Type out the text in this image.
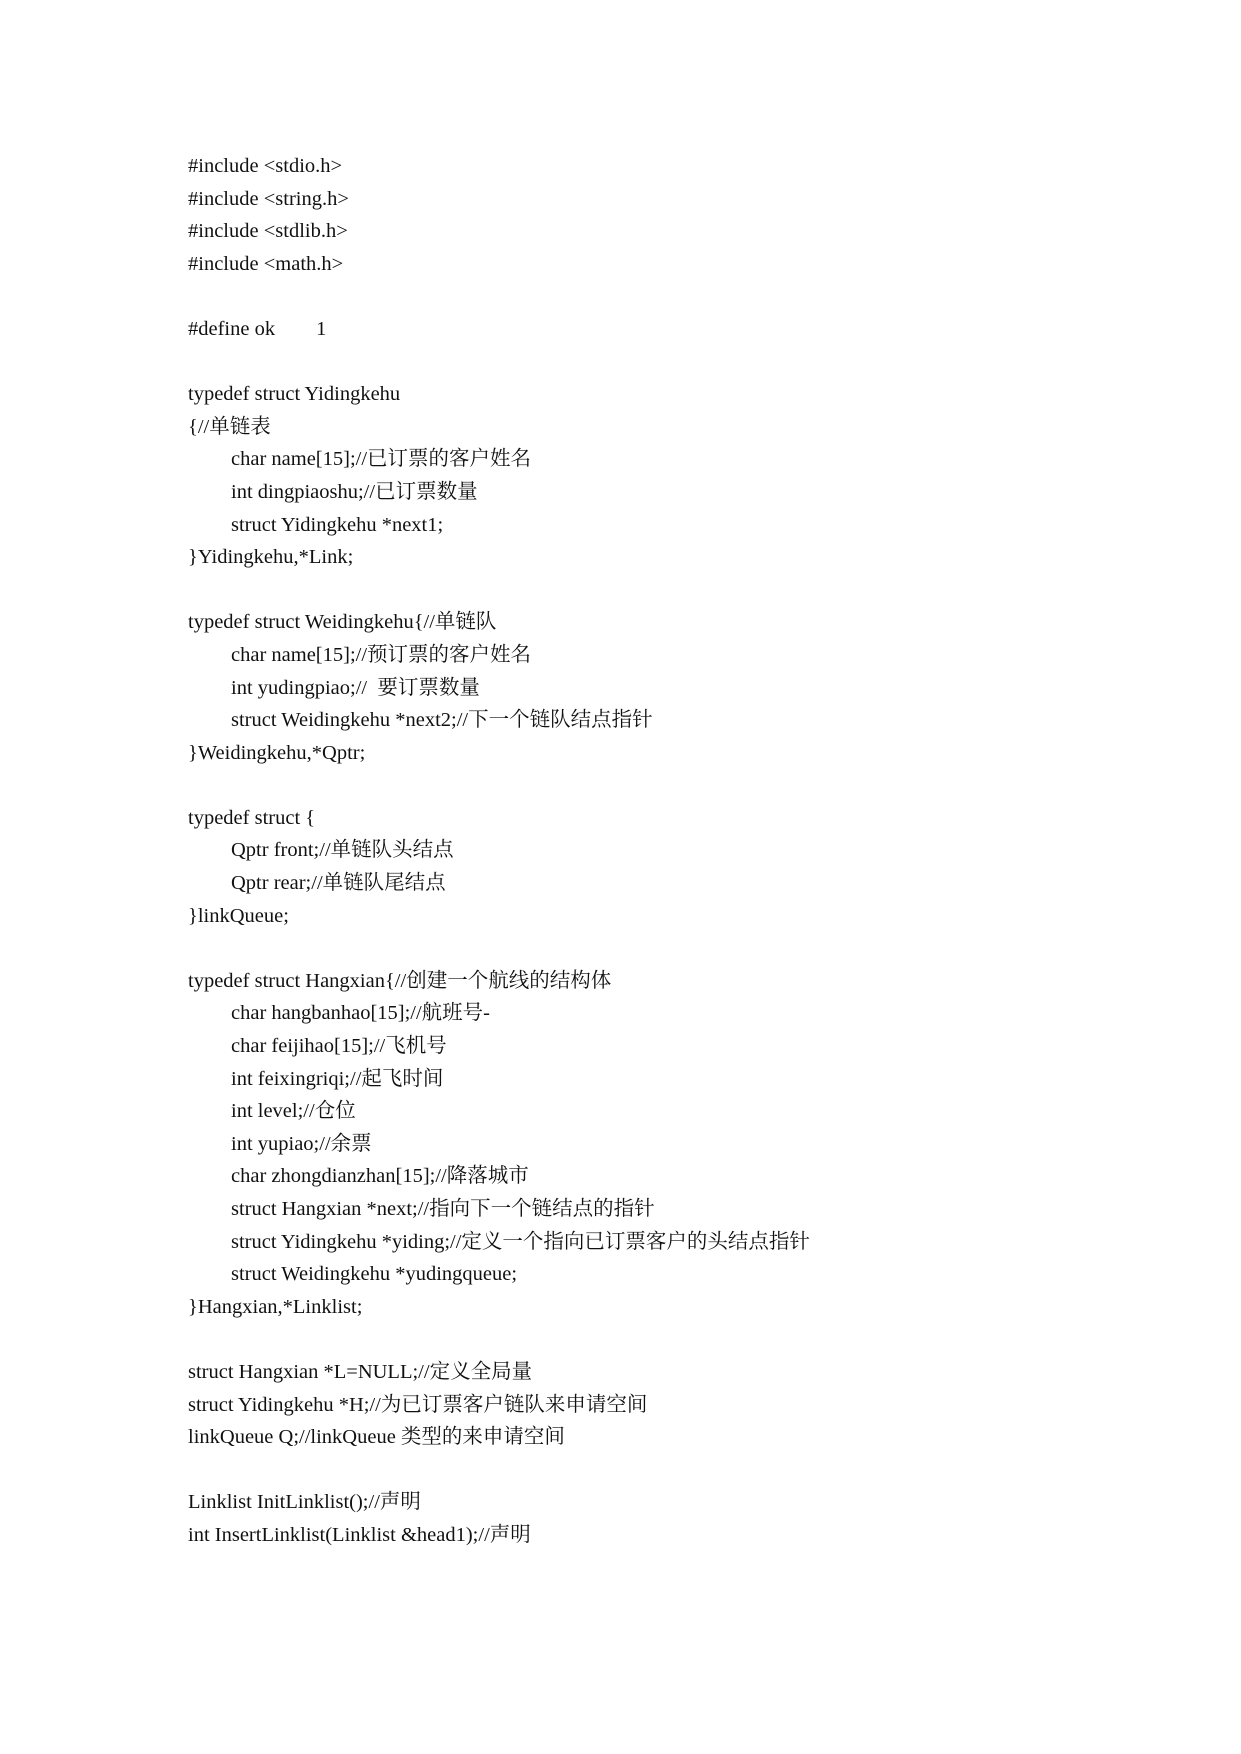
#include <stdio.h>
#include <string.h>
#include <stdlib.h>
#include <math.h>
#define ok        1
typedef struct Yidingkehu
{//单链表
char name[15];//已订票的客户姓名
int dingpiaoshu;//已订票数量
struct Yidingkehu *next1;
}Yidingkehu,*Link;
typedef struct Weidingkehu{//单链队
char name[15];//预订票的客户姓名
int yudingpiao;//  要订票数量
struct Weidingkehu *next2;//下一个链队结点指针
}Weidingkehu,*Qptr;
typedef struct {
Qptr front;//单链队头结点
Qptr rear;//单链队尾结点
}linkQueue;
typedef struct Hangxian{//创建一个航线的结构体
char hangbanhao[15];//航班号-
char feijihao[15];//飞机号
int feixingriqi;//起飞时间
int level;//仓位
int yupiao;//余票
char zhongdianzhan[15];//降落城市
struct Hangxian *next;//指向下一个链结点的指针
struct Yidingkehu *yiding;//定义一个指向已订票客户的头结点指针
struct Weidingkehu *yudingqueue;
}Hangxian,*Linklist;
struct Hangxian *L=NULL;//定义全局量
struct Yidingkehu *H;//为已订票客户链队来申请空间
linkQueue Q;//linkQueue 类型的来申请空间
Linklist InitLinklist();//声明
int InsertLinklist(Linklist &head1);//声明
